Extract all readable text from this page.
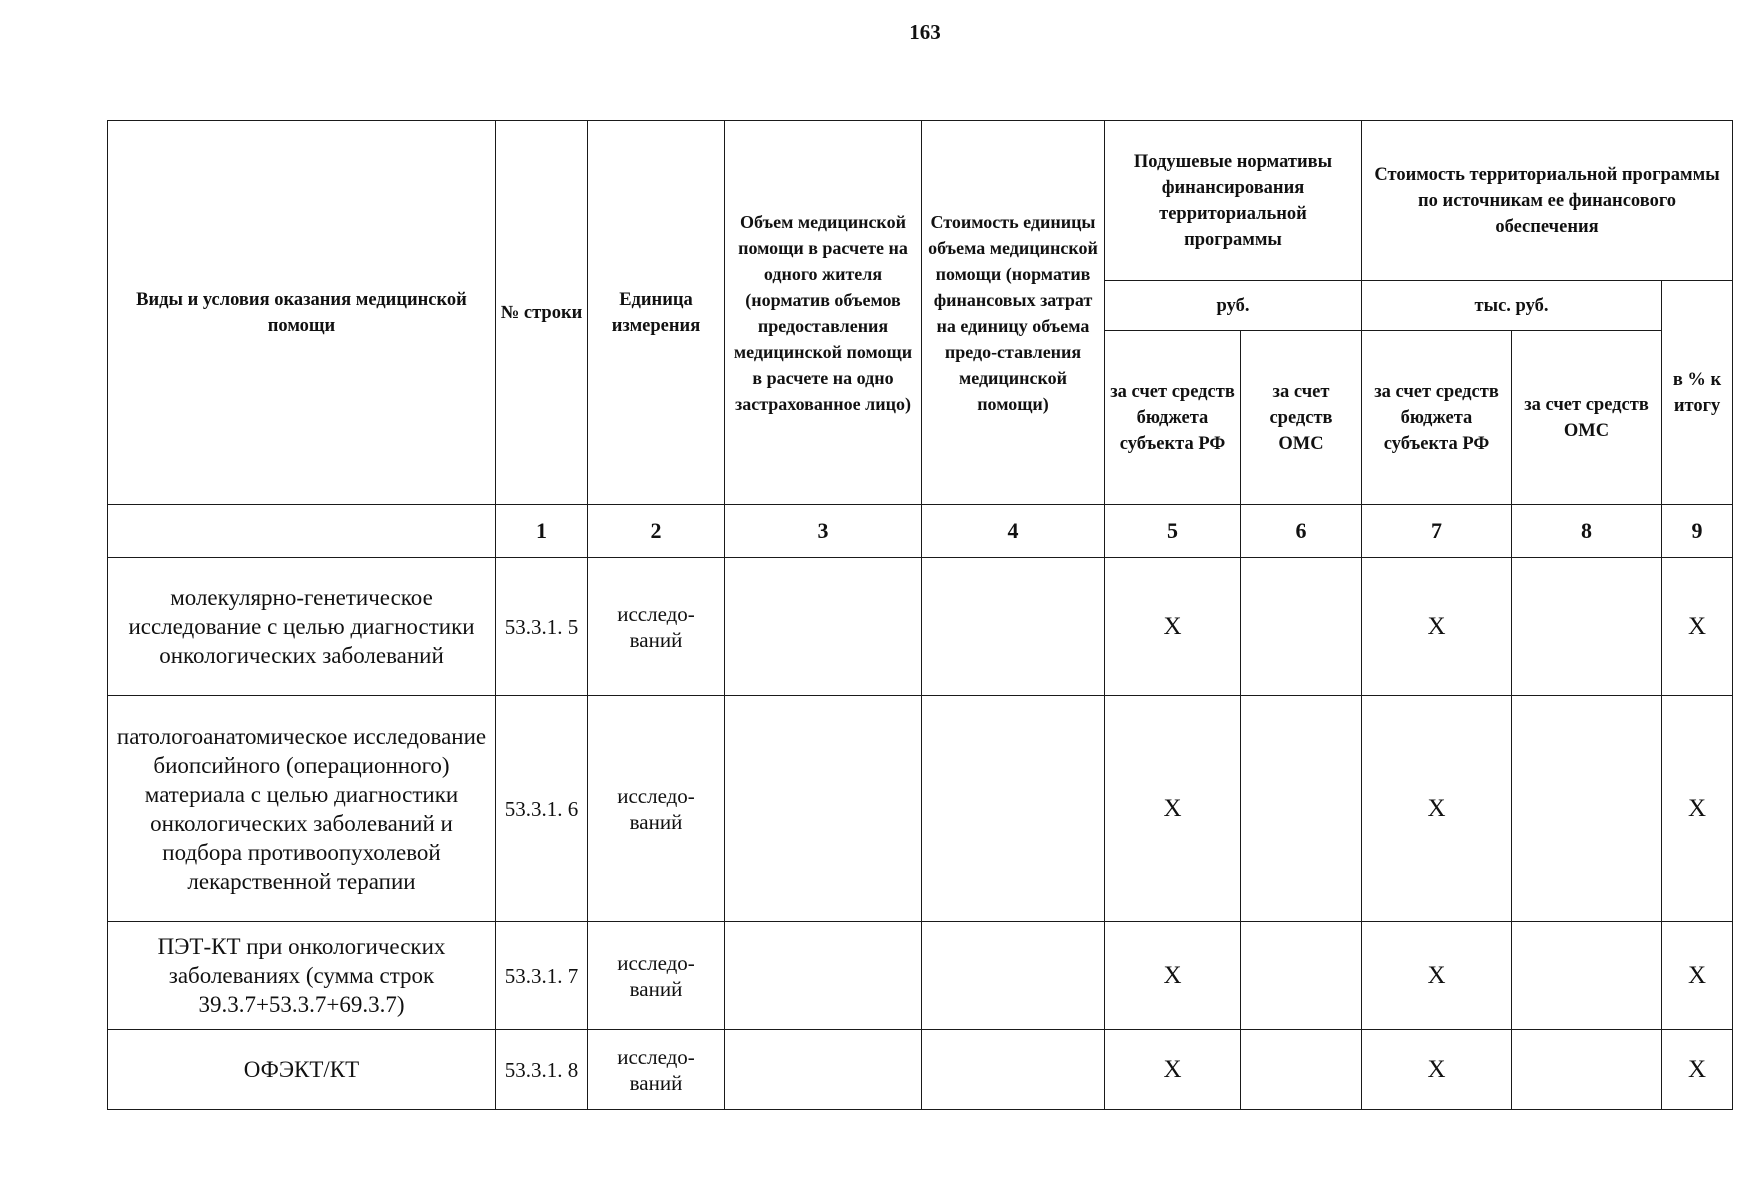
163
Виды и условия оказания медицинской помощи	№ строки	Единица измерения	Объем медицинской помощи в расчете на одного жителя (норматив объемов предоставления медицинской помощи в расчете на одно застрахованное лицо)	Стоимость единицы объема медицинской помощи (норматив финансовых затрат на единицу объема предо-ставления медицинской помощи)	Подушевые нормативы финансирования территориальной программы		Стоимость территориальной программы по источникам ее финансового обеспечения		
					руб.		тыс. руб.		в % к итогу
					за счет средств бюджета субъекта РФ	за счет средств ОМС	за счет средств бюджета субъекта РФ	за счет средств ОМС	
	1	2	3	4	5	6	7	8	9
молекулярно-генетическое исследование с целью диагностики онкологических заболеваний	53.3.1. 5	исследо-ваний			Х		Х		Х
патологоанатомическое исследование биопсийного (операционного) материала с целью диагностики онкологических заболеваний и подбора противоопухолевой лекарственной терапии	53.3.1. 6	исследо-ваний			Х		Х		Х
ПЭТ-КТ при онкологических заболеваниях (сумма строк 39.3.7+53.3.7+69.3.7)	53.3.1. 7	исследо-ваний			Х		Х		Х
ОФЭКТ/КТ	53.3.1. 8	исследо-ваний			Х		Х		Х
